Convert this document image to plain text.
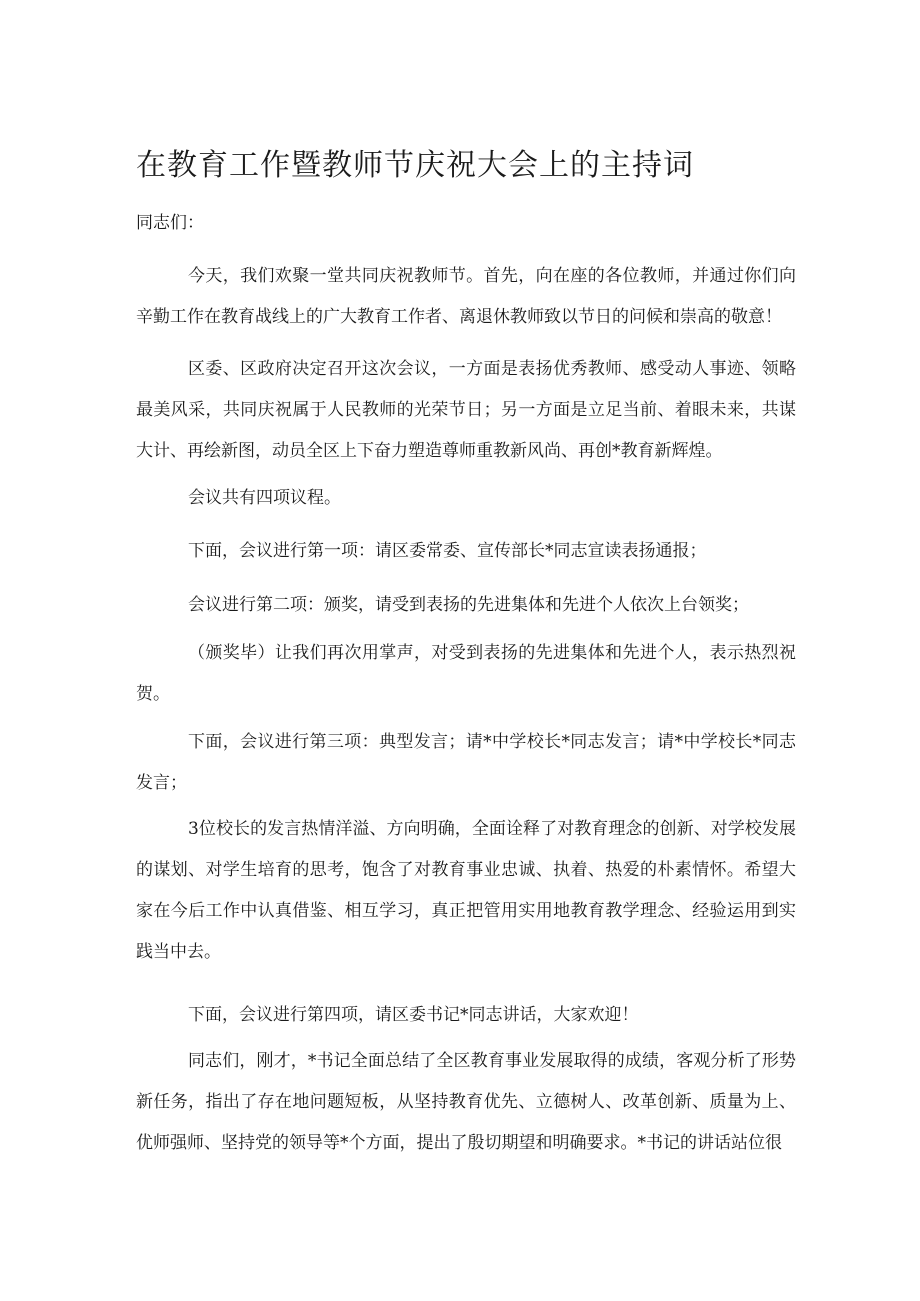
在教育工作暨教师节庆祝大会上的主持词

同志们：

今天，我们欢聚一堂共同庆祝教师节。首先，向在座的各位教师，并通过你们向辛勤工作在教育战线上的广大教育工作者、离退休教师致以节日的问候和崇高的敬意！

区委、区政府决定召开这次会议，一方面是表扬优秀教师、感受动人事迹、领略最美风采，共同庆祝属于人民教师的光荣节日；另一方面是立足当前、着眼未来，共谋大计、再绘新图，动员全区上下奋力塑造尊师重教新风尚、再创*教育新辉煌。

会议共有四项议程。

下面，会议进行第一项：请区委常委、宣传部长*同志宣读表扬通报；

会议进行第二项：颁奖，请受到表扬的先进集体和先进个人依次上台领奖；

（颁奖毕）让我们再次用掌声，对受到表扬的先进集体和先进个人，表示热烈祝贺。

下面，会议进行第三项：典型发言；请*中学校长*同志发言；请*中学校长*同志发言；

3位校长的发言热情洋溢、方向明确，全面诠释了对教育理念的创新、对学校发展的谋划、对学生培育的思考，饱含了对教育事业忠诚、执着、热爱的朴素情怀。希望大家在今后工作中认真借鉴、相互学习，真正把管用实用地教育教学理念、经验运用到实践当中去。

下面，会议进行第四项，请区委书记*同志讲话，大家欢迎！

同志们，刚才，*书记全面总结了全区教育事业发展取得的成绩，客观分析了形势新任务，指出了存在地问题短板，从坚持教育优先、立德树人、改革创新、质量为上、优师强师、坚持党的领导等*个方面，提出了殷切期望和明确要求。*书记的讲话站位很
